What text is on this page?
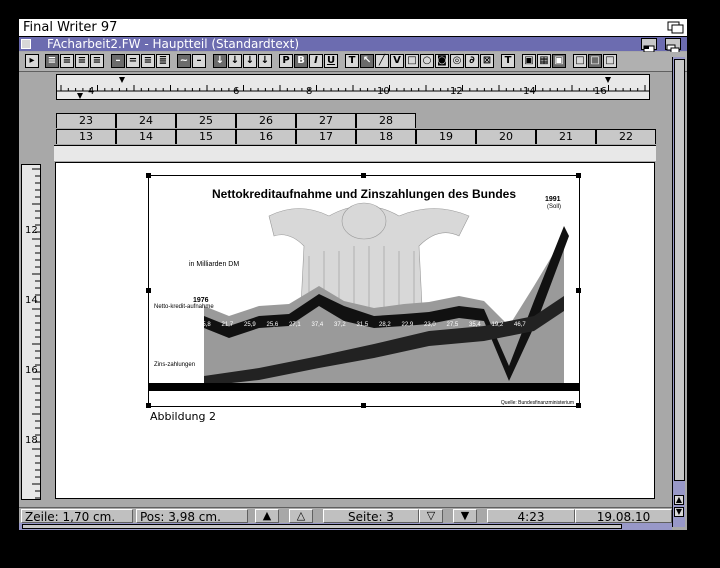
Final Writer 97
FAcharbeit2.FW - Hauptteil (Standardtext)
▸	≡ ≡ ≡ ≡	– = ≡ ≣ ~ –	↓ ↓ ↓ ↓	P B I U	T ↖ ╱ V □ ○ ◙ ◎ ∂ ⊠	T	▣ ▦ ▣ □ □ □
4	6	8	10	12	14	16
12
14
16
18
23	24	25	26	27	28
13	14	15	16	17	18	19	20	21	22
Nettokreditaufnahme und Zinszahlungen des Bundes
in Milliarden DM
Netto-kredit-aufnahme
Zins-zahlungen
1976
1991
(Soll)
Quelle: Bundesfinanzministerium
25,8 21,7 25,9 25,6 27,1 37,4 37,2 31,5 28,2 22,9 23,0 27,5 35,4 19,2 46,7
66,3
Abbildung 2
▲
▼
Zeile: 1,70 cm.	Pos: 3,98 cm.	▲	△	Seite: 3	▽	▼	4:23	19.08.10
